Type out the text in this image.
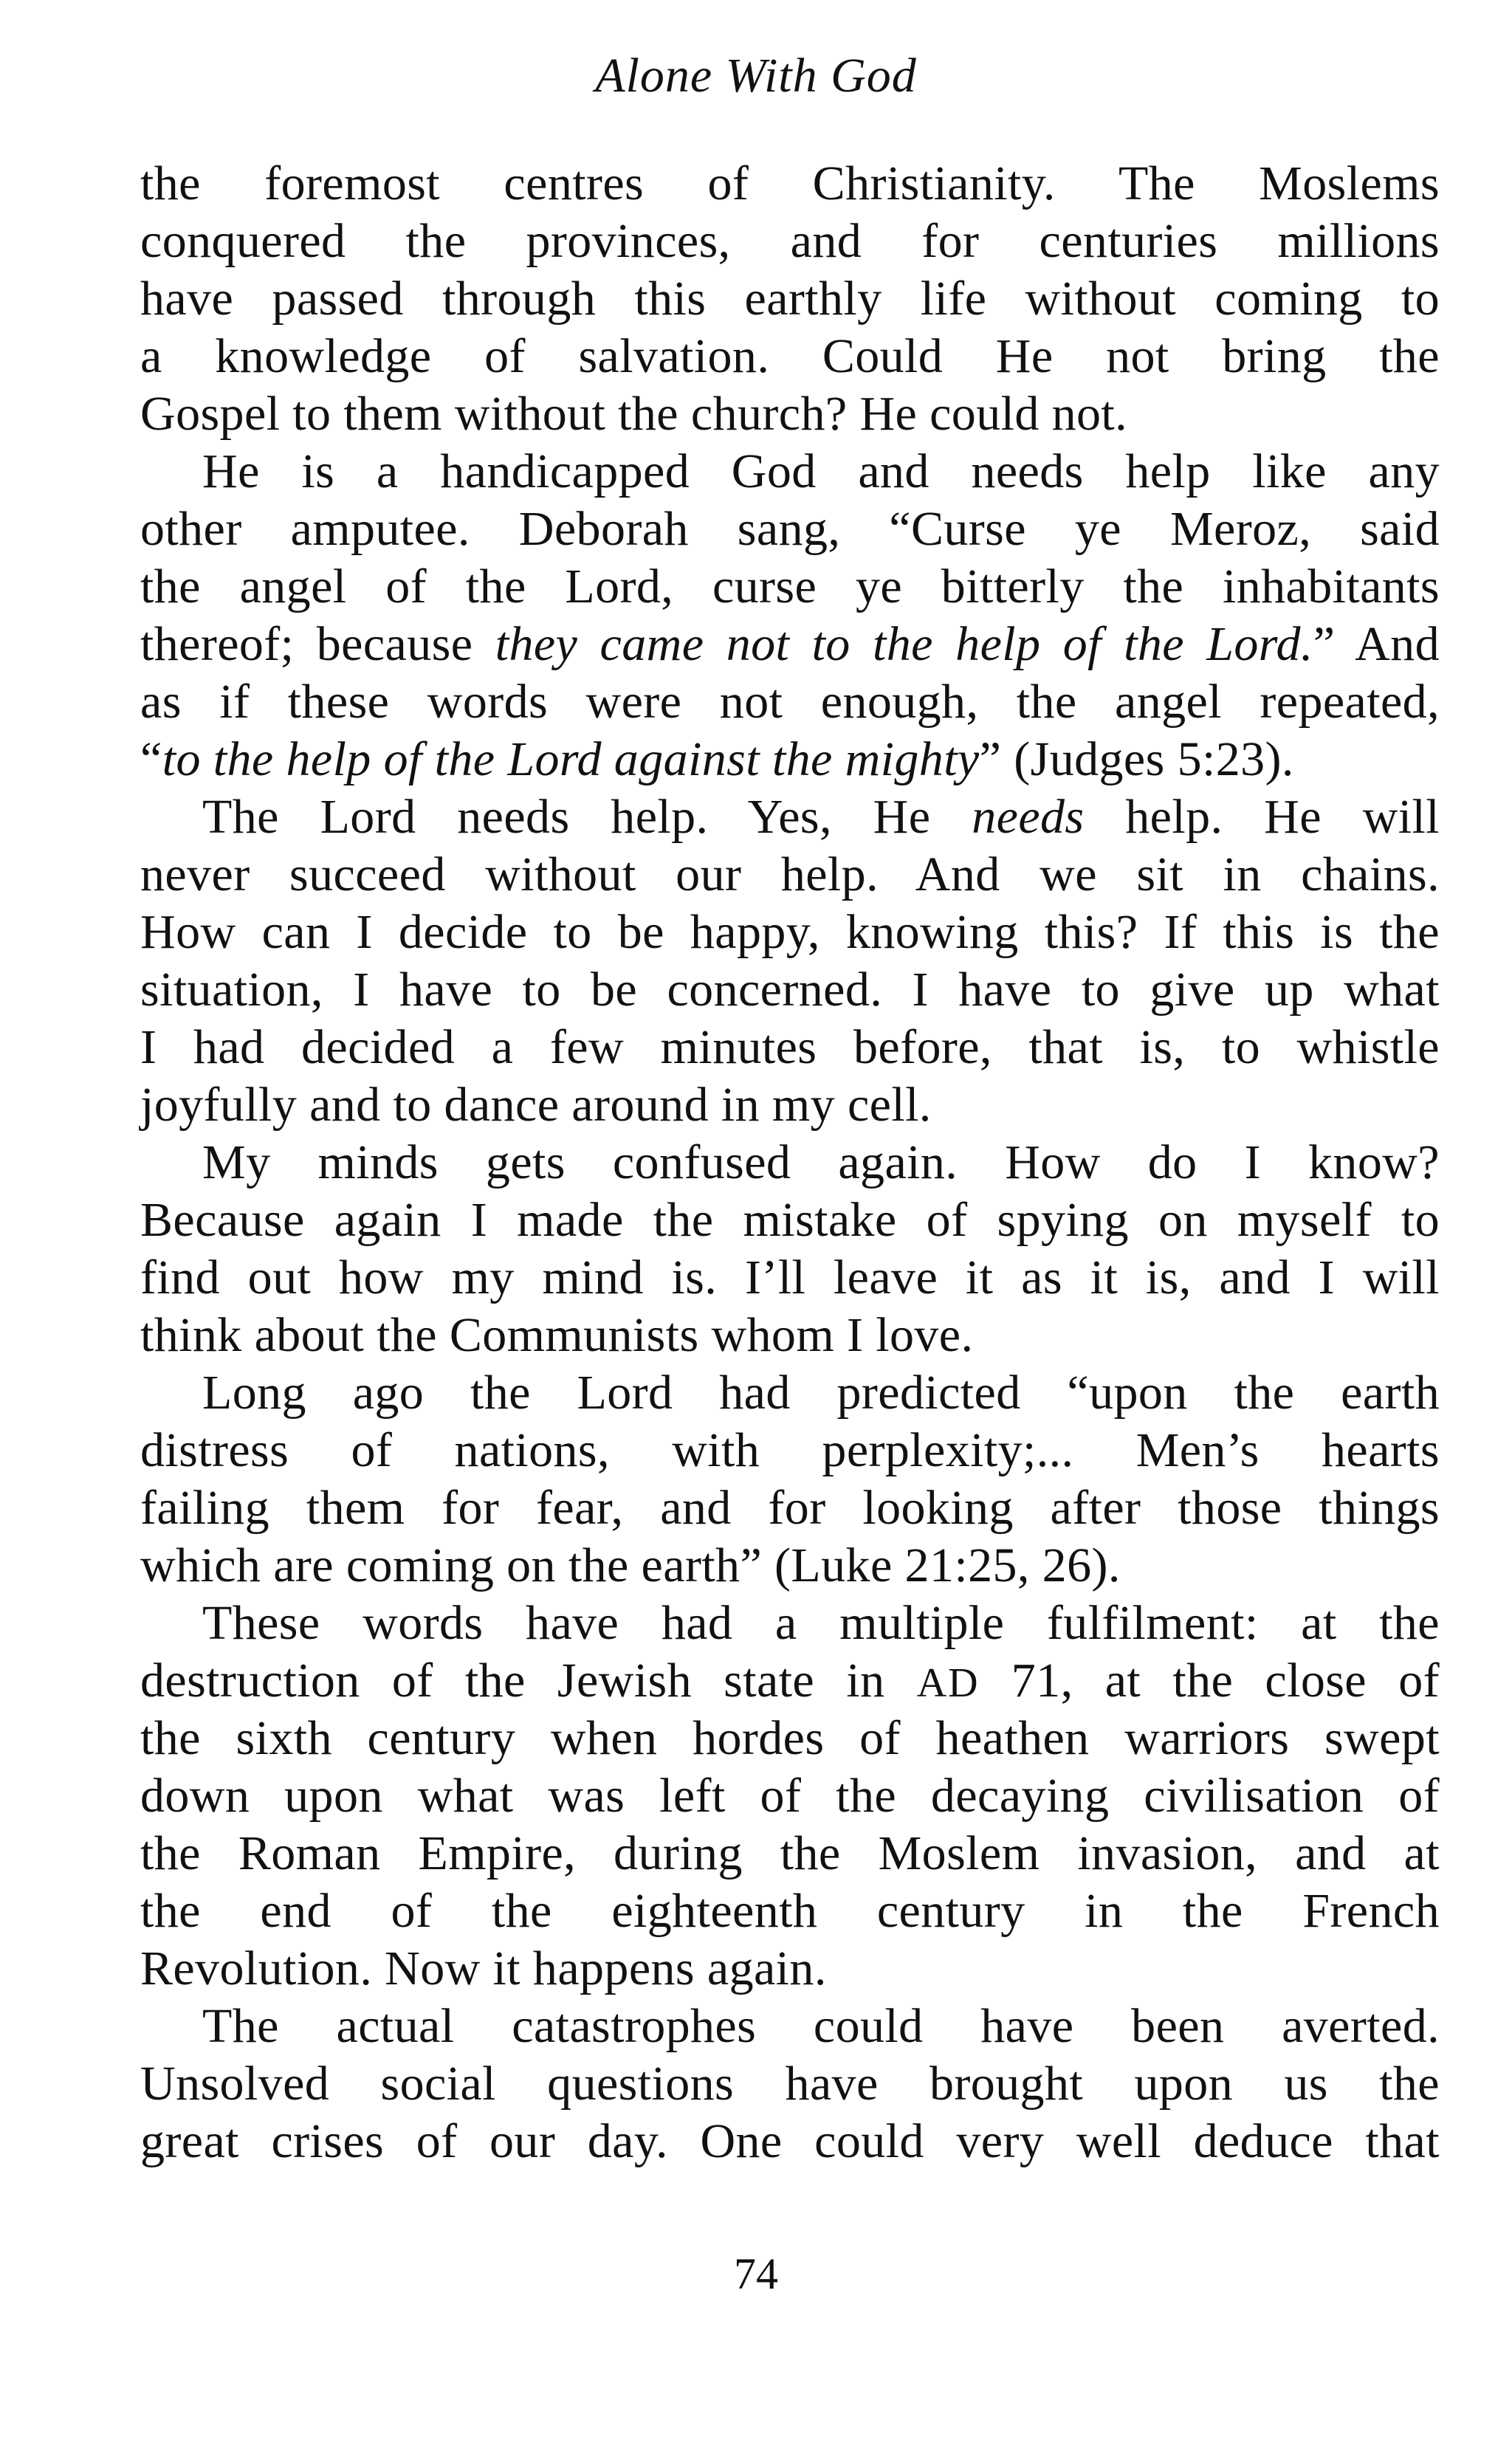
Alone With God
the foremost centres of Christianity. The Moslems
conquered the provinces, and for centuries millions
have passed through this earthly life without coming to
a knowledge of salvation. Could He not bring the
Gospel to them without the church? He could not.
He is a handicapped God and needs help like any
other amputee. Deborah sang, “Curse ye Meroz, said
the angel of the Lord, curse ye bitterly the inhabitants
thereof; because they came not to the help of the Lord.” And
as if these words were not enough, the angel repeated,
“to the help of the Lord against the mighty” (Judges 5:23).
The Lord needs help. Yes, He needs help. He will
never succeed without our help. And we sit in chains.
How can I decide to be happy, knowing this? If this is the
situation, I have to be concerned. I have to give up what
I had decided a few minutes before, that is, to whistle
joyfully and to dance around in my cell.
My minds gets confused again. How do I know?
Because again I made the mistake of spying on myself to
find out how my mind is. I’ll leave it as it is, and I will
think about the Communists whom I love.
Long ago the Lord had predicted “upon the earth
distress of nations, with perplexity;... Men’s hearts
failing them for fear, and for looking after those things
which are coming on the earth” (Luke 21:25, 26).
These words have had a multiple fulfilment: at the
destruction of the Jewish state in AD 71, at the close of
the sixth century when hordes of heathen warriors swept
down upon what was left of the decaying civilisation of
the Roman Empire, during the Moslem invasion, and at
the end of the eighteenth century in the French
Revolution. Now it happens again.
The actual catastrophes could have been averted.
Unsolved social questions have brought upon us the
great crises of our day. One could very well deduce that
74
